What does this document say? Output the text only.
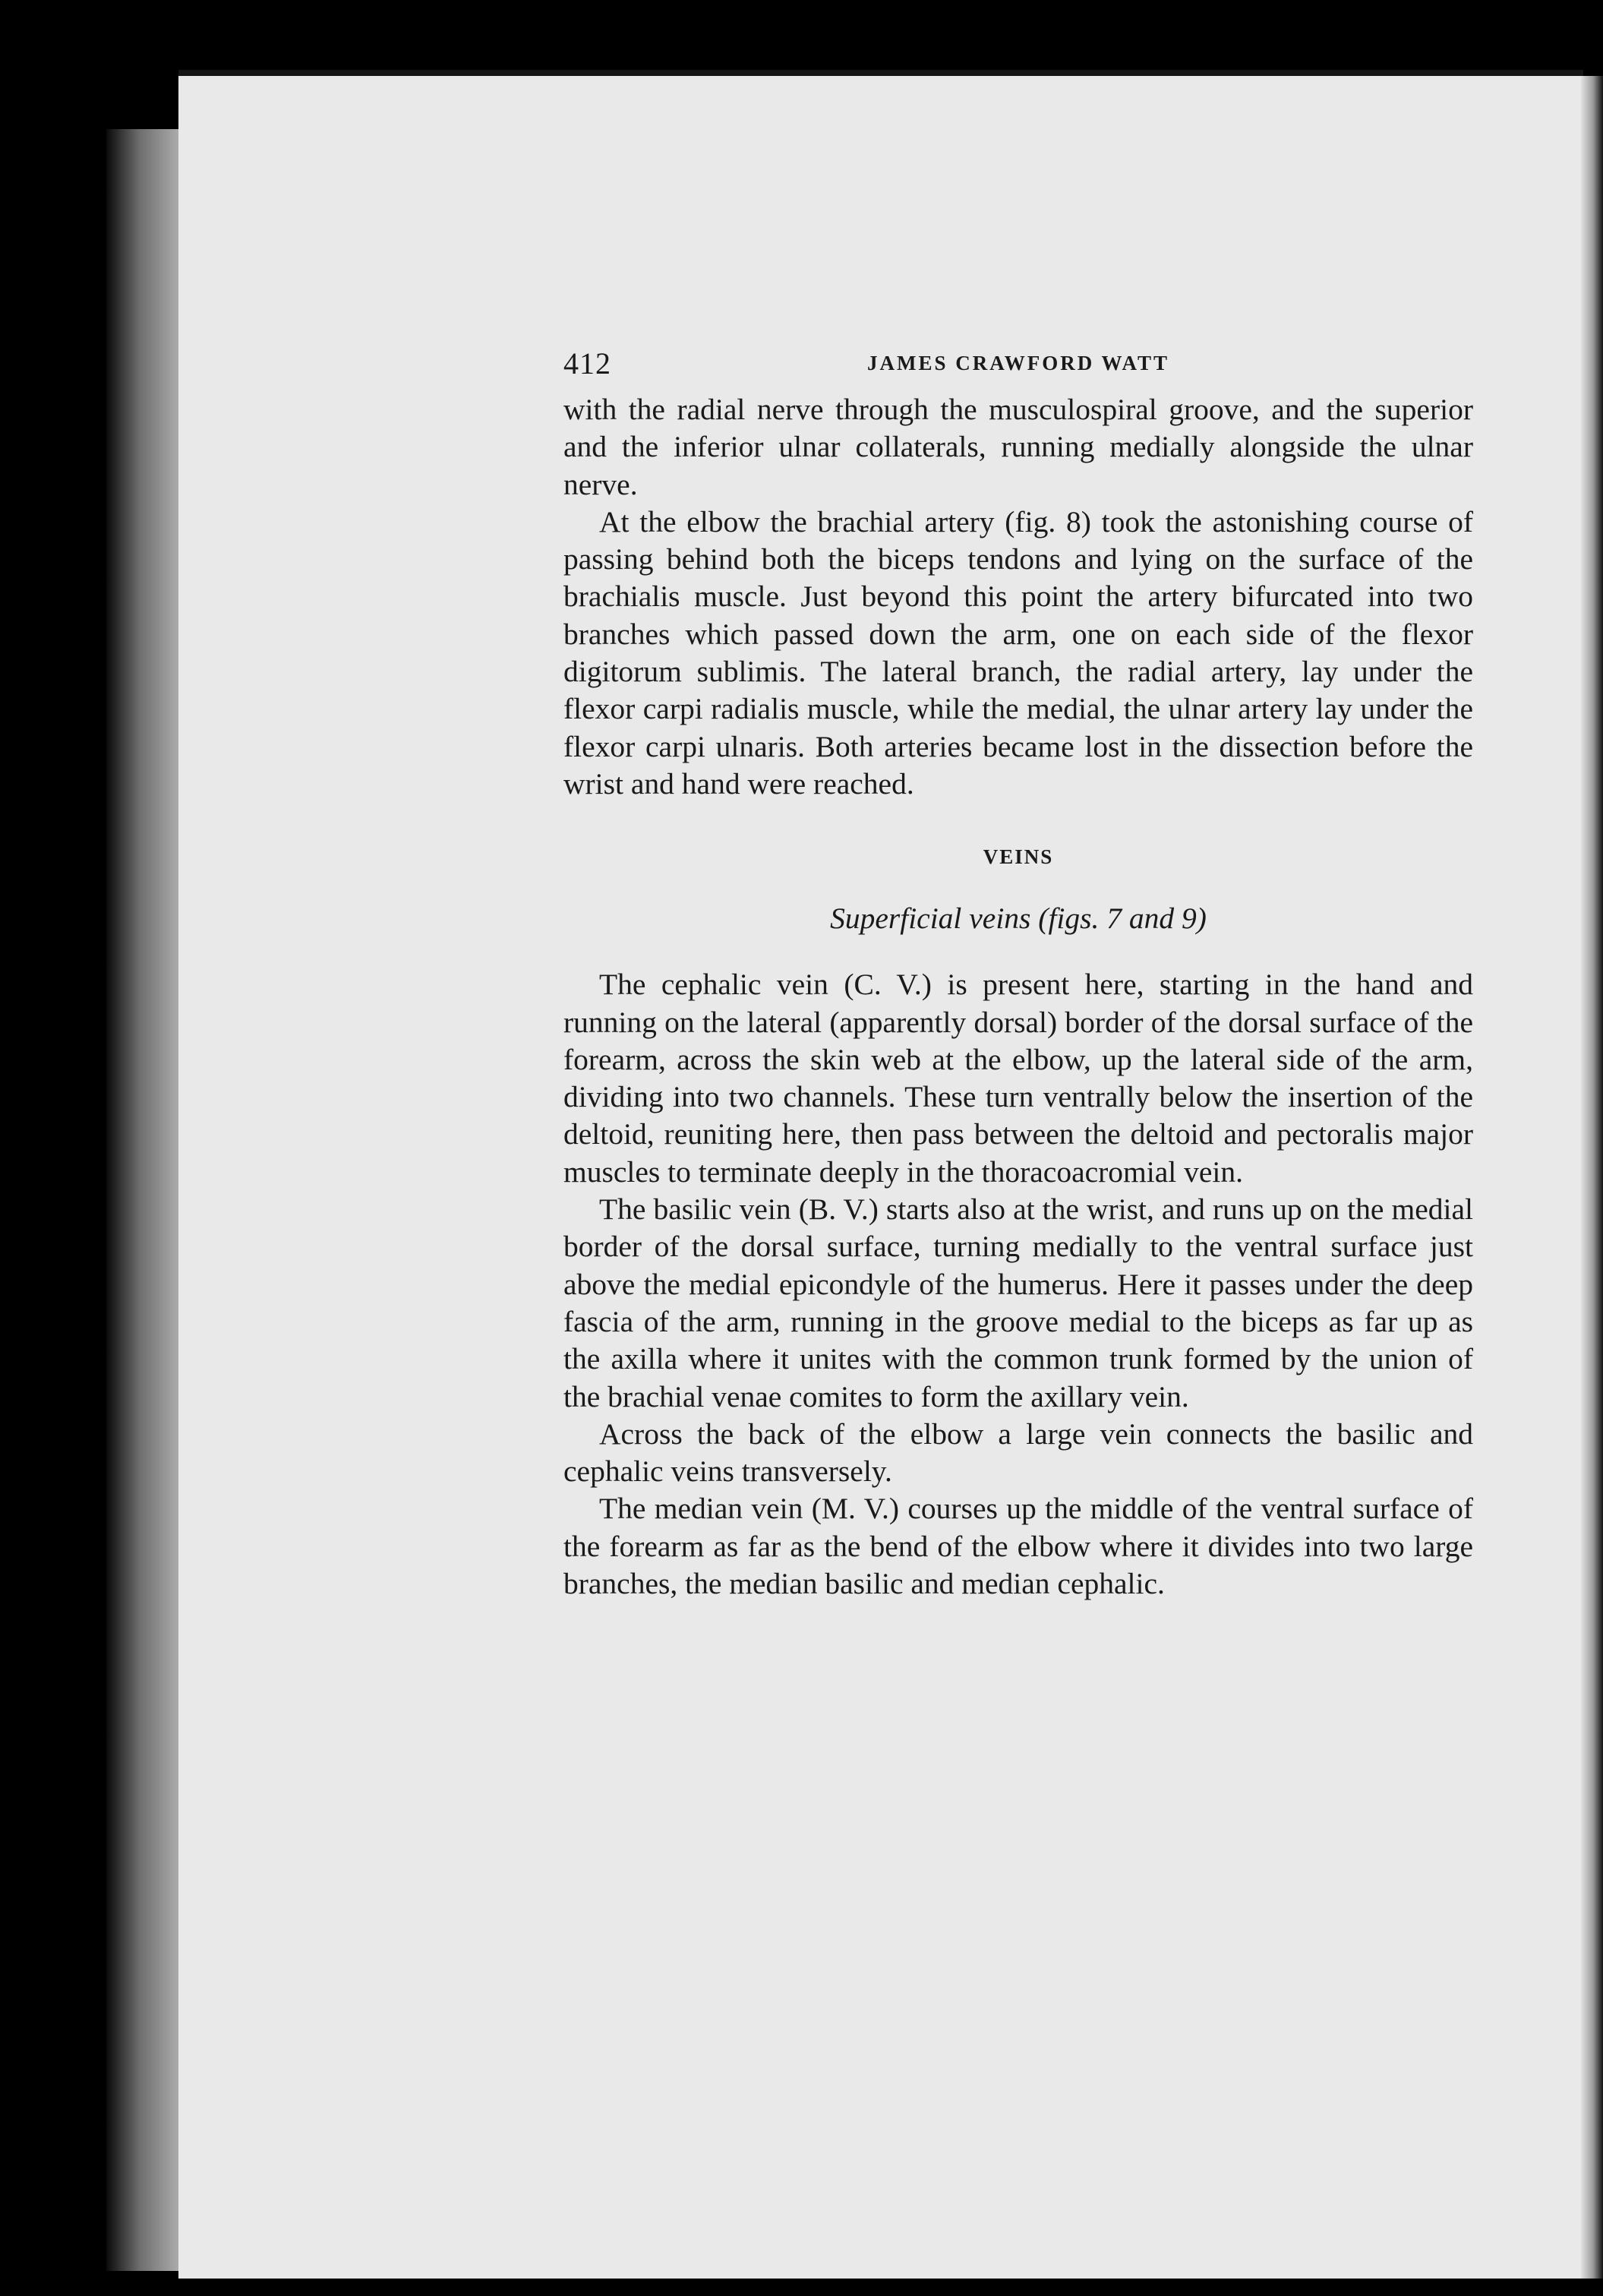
412	JAMES CRAWFORD WATT

with the radial nerve through the musculospiral groove, and the superior and the inferior ulnar collaterals, running medially alongside the ulnar nerve.

At the elbow the brachial artery (fig. 8) took the astonishing course of passing behind both the biceps tendons and lying on the surface of the brachialis muscle. Just beyond this point the artery bifurcated into two branches which passed down the arm, one on each side of the flexor digitorum sublimis. The lateral branch, the radial artery, lay under the flexor carpi radialis muscle, while the medial, the ulnar artery lay under the flexor carpi ulnaris. Both arteries became lost in the dissection before the wrist and hand were reached.

VEINS
Superficial veins (figs. 7 and 9)

The cephalic vein (C. V.) is present here, starting in the hand and running on the lateral (apparently dorsal) border of the dorsal surface of the forearm, across the skin web at the elbow, up the lateral side of the arm, dividing into two channels. These turn ventrally below the insertion of the deltoid, reuniting here, then pass between the deltoid and pectoralis major muscles to terminate deeply in the thoracoacromial vein.

The basilic vein (B. V.) starts also at the wrist, and runs up on the medial border of the dorsal surface, turning medially to the ventral surface just above the medial epicondyle of the humerus. Here it passes under the deep fascia of the arm, running in the groove medial to the biceps as far up as the axilla where it unites with the common trunk formed by the union of the brachial venae comites to form the axillary vein.

Across the back of the elbow a large vein connects the basilic and cephalic veins transversely.

The median vein (M. V.) courses up the middle of the ventral surface of the forearm as far as the bend of the elbow where it divides into two large branches, the median basilic and median cephalic.
